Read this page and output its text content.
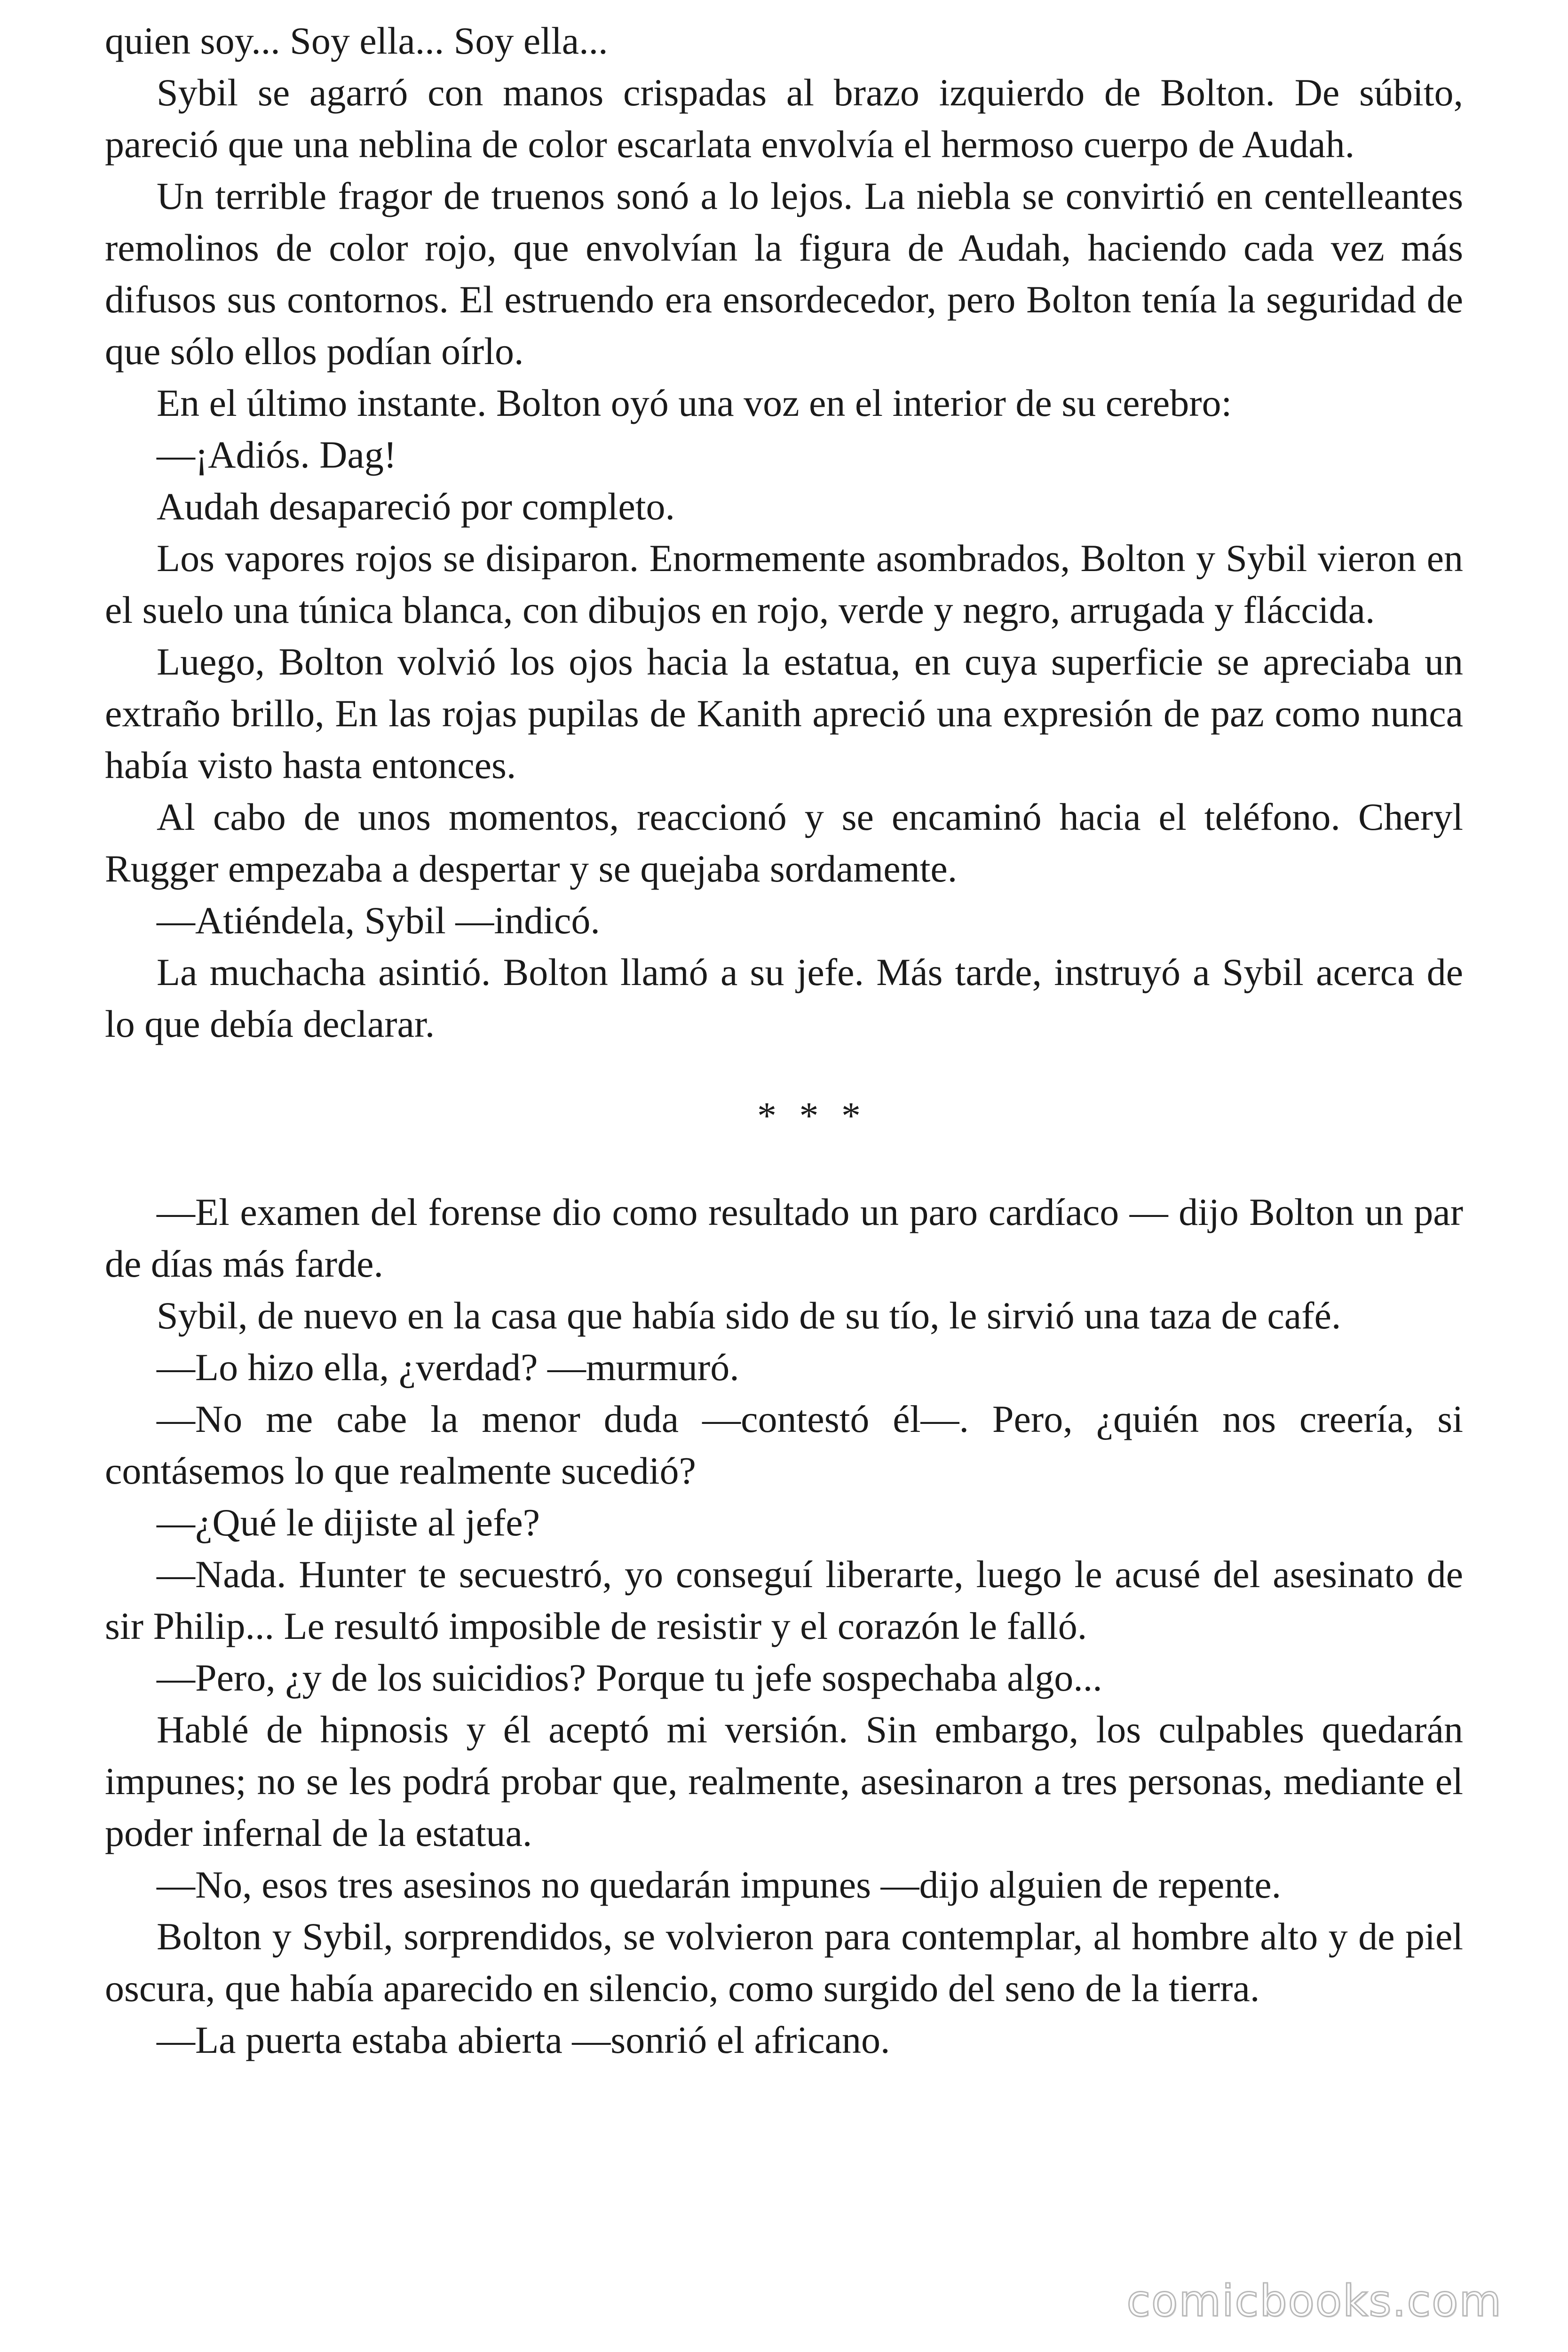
quien soy... Soy ella... Soy ella...

Sybil se agarró con manos crispadas al brazo izquierdo de Bolton. De súbito, pareció que una neblina de color escarlata envolvía el hermoso cuerpo de Audah.

Un terrible fragor de truenos sonó a lo lejos. La niebla se convirtió en centelleantes remolinos de color rojo, que envolvían la figura de Audah, haciendo cada vez más difusos sus contornos. El estruendo era ensordecedor, pero Bolton tenía la seguridad de que sólo ellos podían oírlo.

En el último instante. Bolton oyó una voz en el interior de su cerebro:

—¡Adiós. Dag!

Audah desapareció por completo.

Los vapores rojos se disiparon. Enormemente asombrados, Bolton y Sybil vieron en el suelo una túnica blanca, con dibujos en rojo, verde y negro, arrugada y fláccida.

Luego, Bolton volvió los ojos hacia la estatua, en cuya superficie se apreciaba un extraño brillo, En las rojas pupilas de Kanith apreció una expresión de paz como nunca había visto hasta entonces.

Al cabo de unos momentos, reaccionó y se encaminó hacia el teléfono. Cheryl Rugger empezaba a despertar y se quejaba sordamente.

—Atiéndela, Sybil —indicó.

La muchacha asintió. Bolton llamó a su jefe. Más tarde, instruyó a Sybil acerca de lo que debía declarar.

* * *

—El examen del forense dio como resultado un paro cardíaco — dijo Bolton un par de días más farde.

Sybil, de nuevo en la casa que había sido de su tío, le sirvió una taza de café.

—Lo hizo ella, ¿verdad? —murmuró.

—No me cabe la menor duda —contestó él—. Pero, ¿quién nos creería, si contásemos lo que realmente sucedió?

—¿Qué le dijiste al jefe?

—Nada. Hunter te secuestró, yo conseguí liberarte, luego le acusé del asesinato de sir Philip... Le resultó imposible de resistir y el corazón le falló.

—Pero, ¿y de los suicidios? Porque tu jefe sospechaba algo...

Hablé de hipnosis y él aceptó mi versión. Sin embargo, los culpables quedarán impunes; no se les podrá probar que, realmente, asesinaron a tres personas, mediante el poder infernal de la estatua.

—No, esos tres asesinos no quedarán impunes —dijo alguien de repente.

Bolton y Sybil, sorprendidos, se volvieron para contemplar, al hombre alto y de piel oscura, que había aparecido en silencio, como surgido del seno de la tierra.

—La puerta estaba abierta —sonrió el africano.

comicbooks.com
